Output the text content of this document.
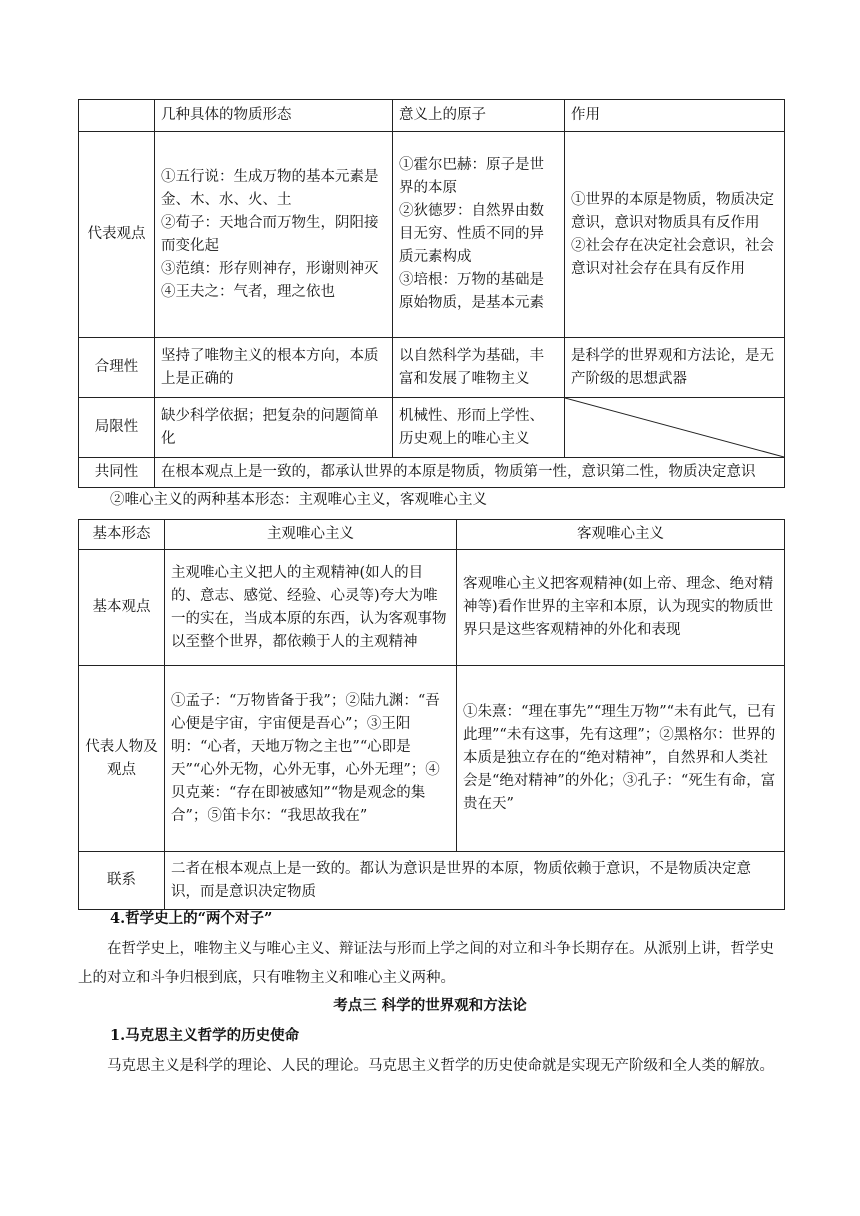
	几种具体的物质形态	意义上的原子	作用
代表观点	①五行说：生成万物的基本元素是金、木、水、火、土
②荀子：天地合而万物生，阴阳接而变化起
③范缜：形存则神存，形谢则神灭
④王夫之：气者，理之依也	①霍尔巴赫：原子是世界的本原
②狄德罗：自然界由数目无穷、性质不同的异质元素构成
③培根：万物的基础是原始物质，是基本元素	①世界的本原是物质，物质决定意识，意识对物质具有反作用
②社会存在决定社会意识，社会意识对社会存在具有反作用
合理性	坚持了唯物主义的根本方向，本质上是正确的	以自然科学为基础，丰富和发展了唯物主义	是科学的世界观和方法论，是无产阶级的思想武器
局限性	缺少科学依据；把复杂的问题简单化	机械性、形而上学性、历史观上的唯心主义	

共同性	在根本观点上是一致的，都承认世界的本原是物质，物质第一性，意识第二性，物质决定意识		

②唯心主义的两种基本形态：主观唯心主义，客观唯心主义

基本形态	主观唯心主义	客观唯心主义
基本观点	主观唯心主义把人的主观精神(如人的目的、意志、感觉、经验、心灵等)夸大为唯一的实在，当成本原的东西，认为客观事物以至整个世界，都依赖于人的主观精神	客观唯心主义把客观精神(如上帝、理念、绝对精神等)看作世界的主宰和本原，认为现实的物质世界只是这些客观精神的外化和表现
代表人物及观点	①孟子：“万物皆备于我”；②陆九渊：“吾心便是宇宙，宇宙便是吾心”；③王阳明：“心者，天地万物之主也”“心即是天”“心外无物，心外无事，心外无理”；④贝克莱：“存在即被感知”“物是观念的集合”；⑤笛卡尔：“我思故我在”	①朱熹：“理在事先”“理生万物”“未有此气，已有此理”“未有这事，先有这理”；②黑格尔：世界的本质是独立存在的“绝对精神”，自然界和人类社会是“绝对精神”的外化；③孔子：“死生有命，富贵在天”
联系	二者在根本观点上是一致的。都认为意识是世界的本原，物质依赖于意识，不是物质决定意识，而是意识决定物质	

4.哲学史上的“两个对子”

在哲学史上，唯物主义与唯心主义、辩证法与形而上学之间的对立和斗争长期存在。从派别上讲，哲学史上的对立和斗争归根到底，只有唯物主义和唯心主义两种。

考点三 科学的世界观和方法论

1.马克思主义哲学的历史使命

马克思主义是科学的理论、人民的理论。马克思主义哲学的历史使命就是实现无产阶级和全人类的解放。
